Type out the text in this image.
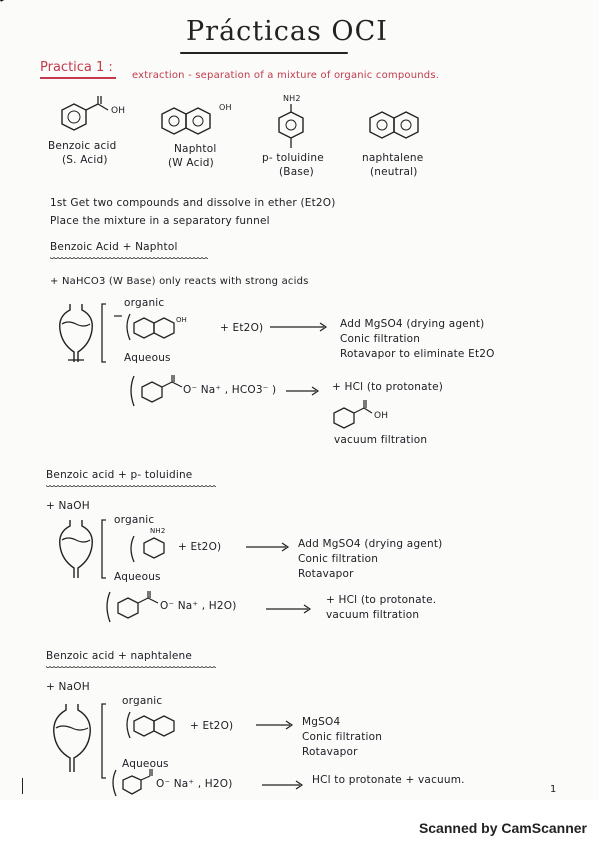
Prácticas OCI
Practica 1 :
extraction - separation of a mixture of organic compounds.
OH	OH
NH2
Benzoic acid
(S. Acid)
Naphtol
(W Acid)	p- toluidine
(Base)
naphtalene
(neutral)
1st Get two compounds and dissolve in ether (Et2O)
Place the mixture in a separatory funnel
Benzoic Acid + Naphtol
+ NaHCO3 (W Base) only reacts with strong acids
organic
OH
+ Et2O)	Add MgSO4 (drying agent)
Conic filtration
Rotavapor to eliminate Et2O
Aqueous
O⁻ Na⁺ , HCO3⁻ )	+ HCl (to protonate)
OH
vacuum filtration
Benzoic acid + p- toluidine
+ NaOH
organic
NH2
+ Et2O)	Add MgSO4 (drying agent)
Conic filtration
Rotavapor
Aqueous
O⁻ Na⁺ , H2O)	+ HCl (to protonate.
vacuum filtration
Benzoic acid + naphtalene
+ NaOH
organic
+ Et2O)	MgSO4
Conic filtration
Rotavapor
Aqueous
O⁻ Na⁺ , H2O)	HCl to protonate + vacuum.
1
Scanned by CamScanner
